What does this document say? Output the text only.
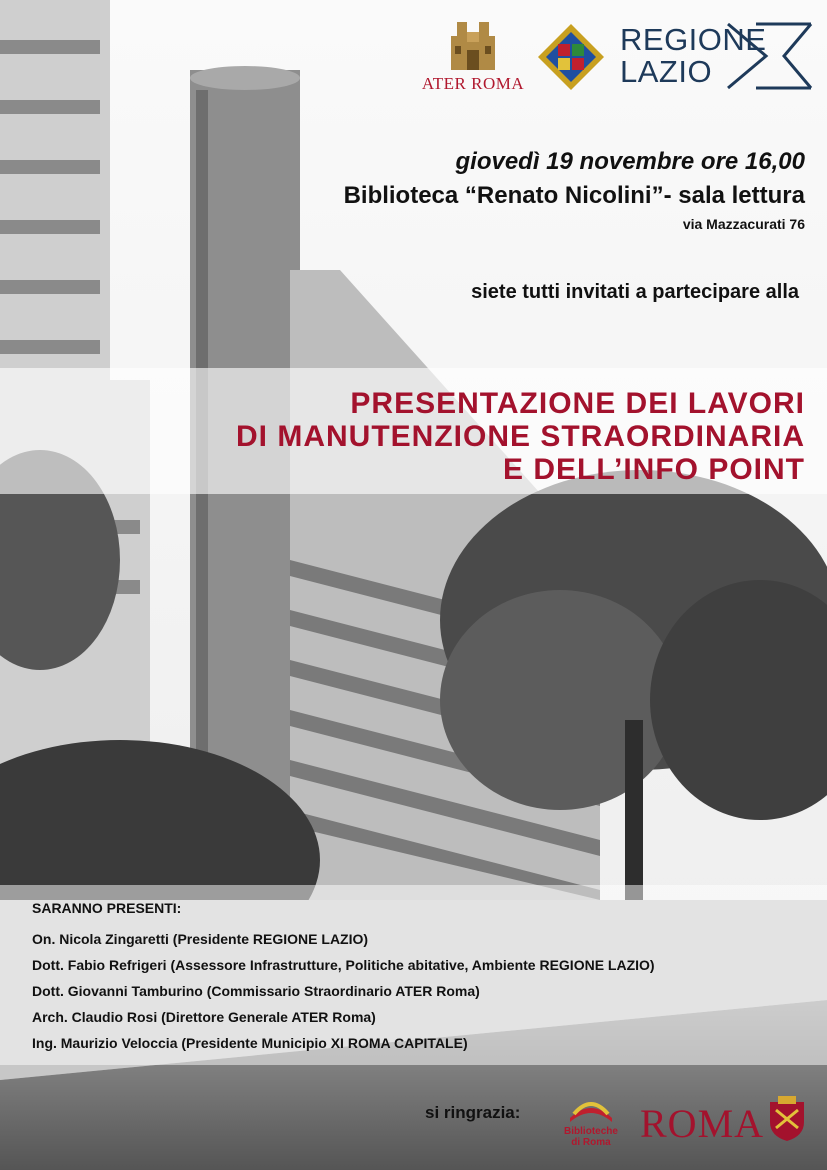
ATER ROMA
REGIONE
LAZIO
giovedì 19 novembre ore 16,00
Biblioteca “Renato Nicolini”- sala lettura
via Mazzacurati 76
siete tutti invitati a partecipare alla
PRESENTAZIONE DEI LAVORI
DI MANUTENZIONE STRAORDINARIA
E DELL’INFO POINT
SARANNO PRESENTI:
On. Nicola Zingaretti (Presidente REGIONE LAZIO)
Dott. Fabio Refrigeri (Assessore Infrastrutture, Politiche abitative, Ambiente REGIONE LAZIO)
Dott. Giovanni Tamburino (Commissario Straordinario ATER Roma)
Arch. Claudio Rosi (Direttore Generale ATER Roma)
Ing. Maurizio Veloccia (Presidente Municipio XI ROMA CAPITALE)
si ringrazia:
Biblioteche
di Roma ROMA
